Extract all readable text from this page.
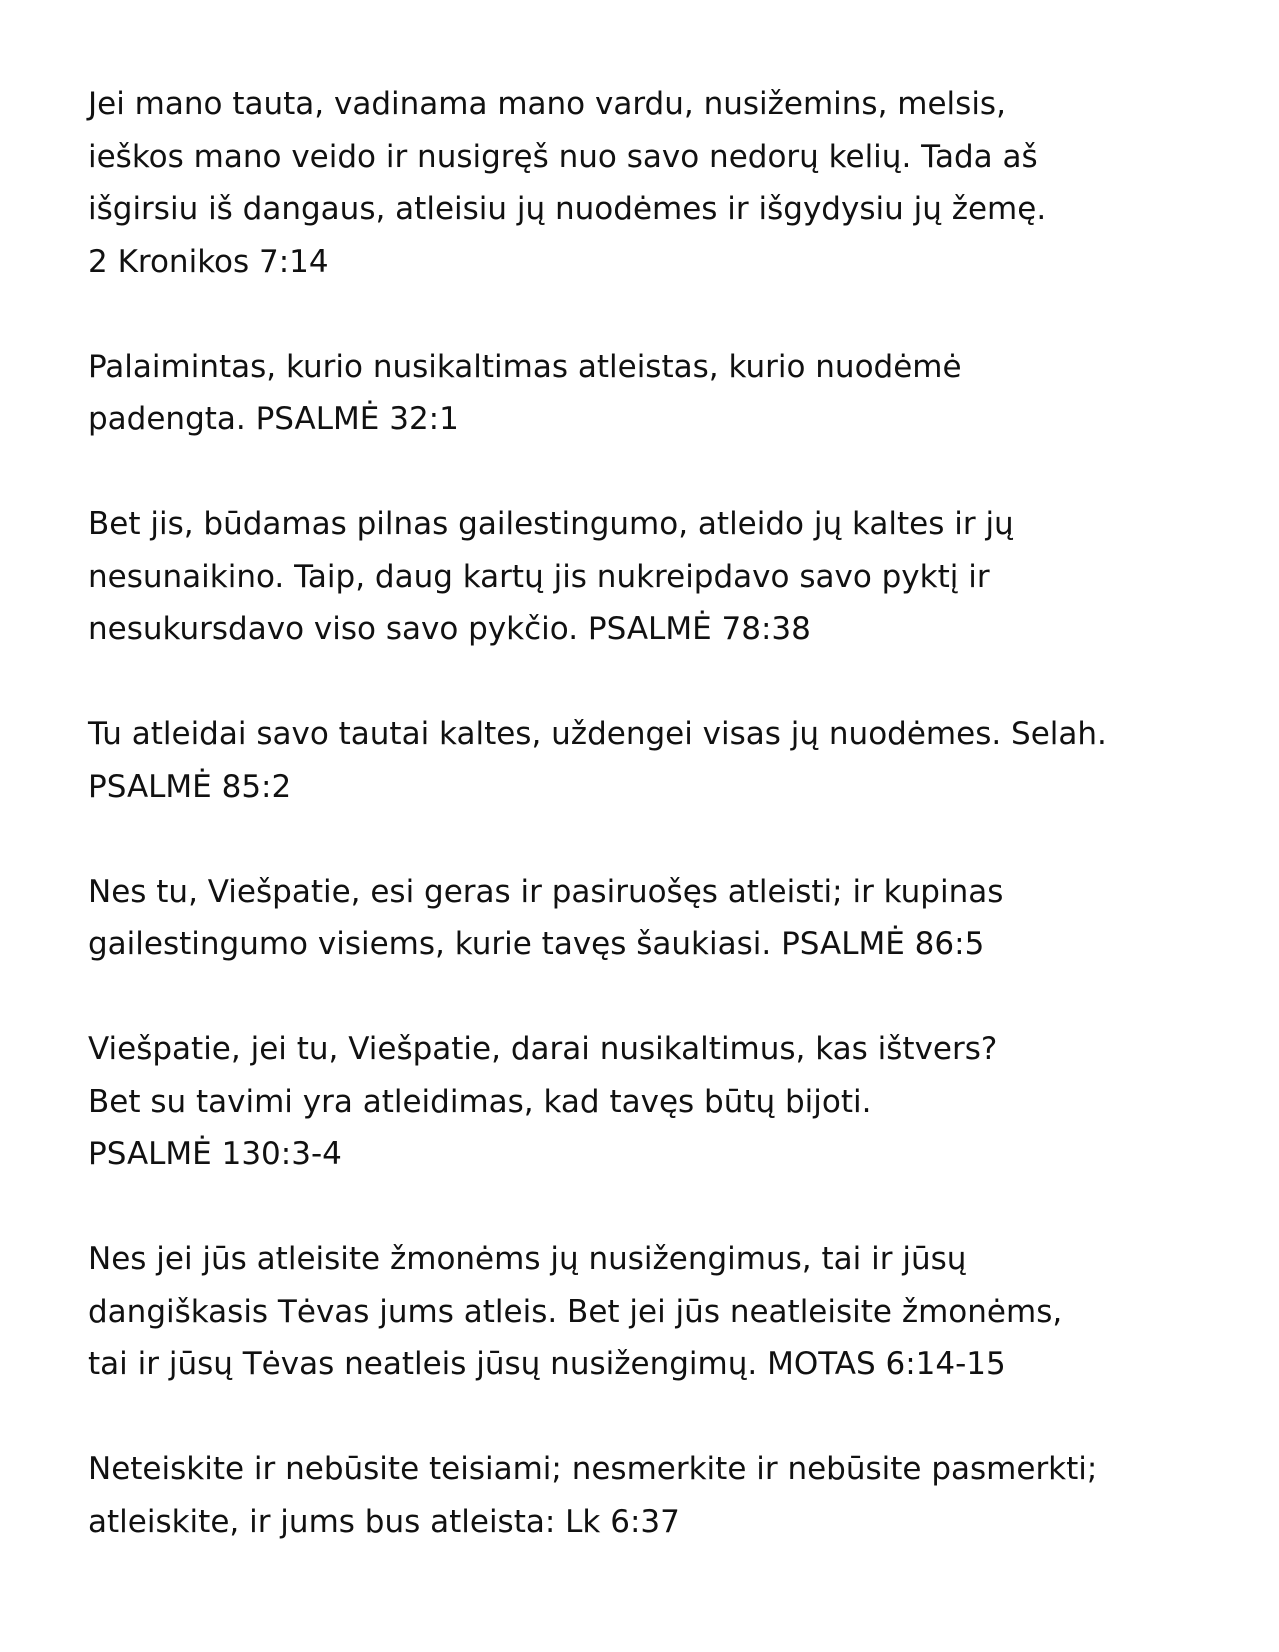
Jei mano tauta, vadinama mano vardu, nusižemins, melsis,
ieškos mano veido ir nusigręš nuo savo nedorų kelių. Tada aš
išgirsiu iš dangaus, atleisiu jų nuodėmes ir išgydysiu jų žemę.
2 Kronikos 7:14
Palaimintas, kurio nusikaltimas atleistas, kurio nuodėmė
padengta. PSALMĖ 32:1
Bet jis, būdamas pilnas gailestingumo, atleido jų kaltes ir jų
nesunaikino. Taip, daug kartų jis nukreipdavo savo pyktį ir
nesukursdavo viso savo pykčio. PSALMĖ 78:38
Tu atleidai savo tautai kaltes, uždengei visas jų nuodėmes. Selah.
PSALMĖ 85:2
Nes tu, Viešpatie, esi geras ir pasiruošęs atleisti; ir kupinas
gailestingumo visiems, kurie tavęs šaukiasi. PSALMĖ 86:5
Viešpatie, jei tu, Viešpatie, darai nusikaltimus, kas ištvers?
Bet su tavimi yra atleidimas, kad tavęs būtų bijoti.
PSALMĖ 130:3-4
Nes jei jūs atleisite žmonėms jų nusižengimus, tai ir jūsų
dangiškasis Tėvas jums atleis. Bet jei jūs neatleisite žmonėms,
tai ir jūsų Tėvas neatleis jūsų nusižengimų. MOTAS 6:14-15
Neteiskite ir nebūsite teisiami; nesmerkite ir nebūsite pasmerkti;
atleiskite, ir jums bus atleista: Lk 6:37
